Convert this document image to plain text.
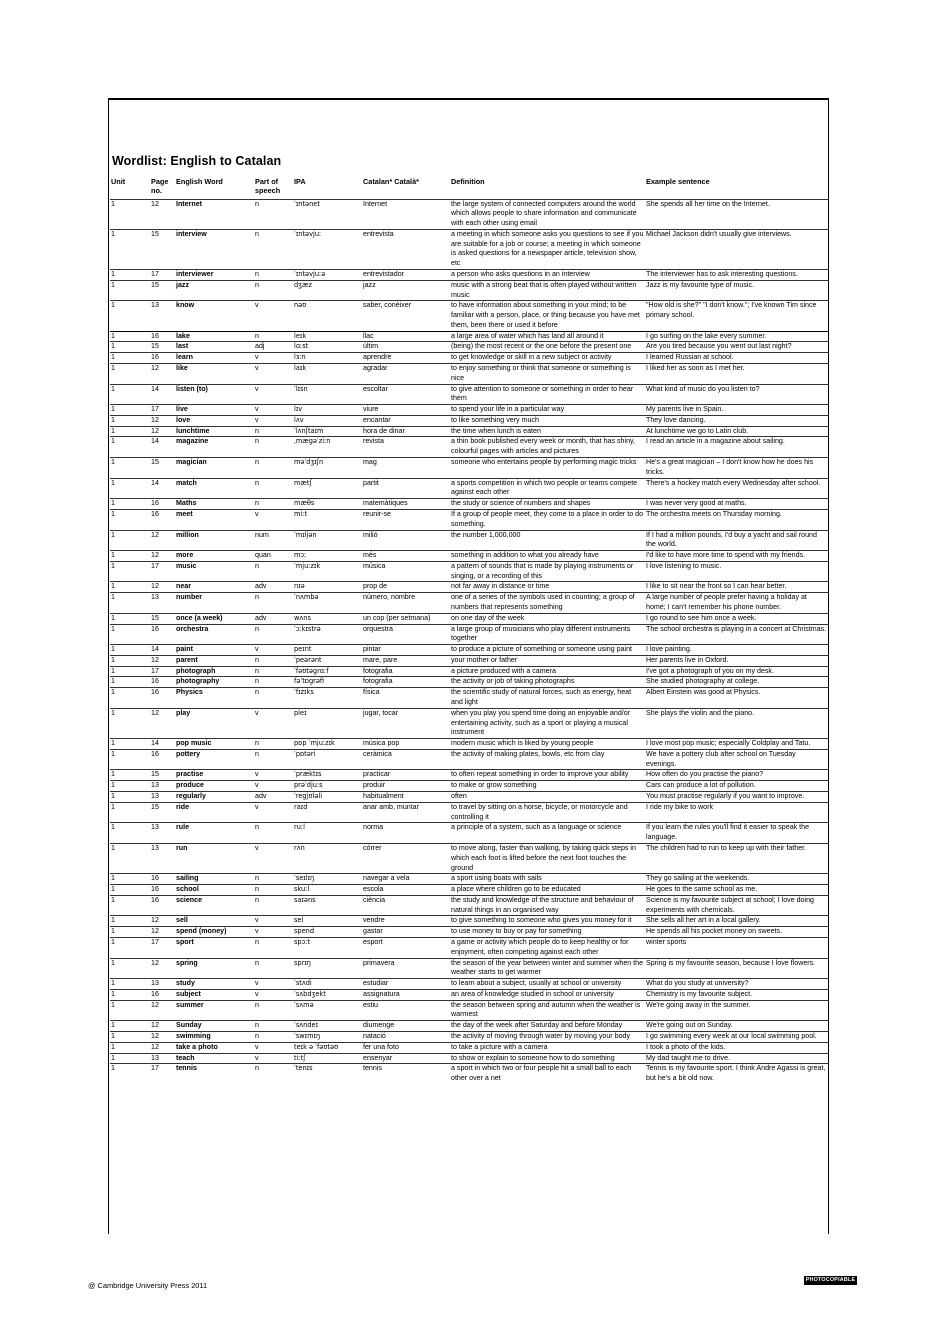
Wordlist: English to Catalan
Unit	Page no.	English Word	Part of speech	IPA	Catalan* Català*	Definition	Example sentence
1	12	Internet	n	ˈɪntənet	Internet	the large system of connected computers around the world which allows people to share information and communicate with each other using email	She spends all her time on the Internet.
1	15	interview	n	ˈɪntəvjuː	entrevista	a meeting in which someone asks you questions to see if you are suitable for a job or course; a meeting in which someone is asked questions for a newspaper article, television show, etc	Michael Jackson didn't usually give interviews.
1	17	interviewer	n	ˈɪntəvjuːə	entrevistador	a person who asks questions in an interview	The interviewer has to ask interesting questions.
1	15	jazz	n	dʒæz	jazz	music with a strong beat that is often played without written music	Jazz is my favourite type of music.
1	13	know	v	nəʊ	saber, conèixer	to have information about something in your mind; to be familiar with a person, place, or thing because you have met them, been there or used it before	"How old is she?" "I don't know."; I've known Tim since primary school.
1	16	lake	n	leɪk	llac	a large area of water which has land all around it	I go surfing on the lake every summer.
1	15	last	adj	lɑːst	últim	(being) the most recent or the one before the present one	Are you tired because you went out last night?
1	16	learn	v	lɜːn	aprendre	to get knowledge or skill in a new subject or activity	I learned Russian at school.
1	12	like	v	laɪk	agradar	to enjoy something or think that someone or something is nice	I liked her as soon as I met her.
1	14	listen (to)	v	ˈlɪsn	escoltar	to give attention to someone or something in order to hear them	What kind of music do you listen to?
1	17	live	v	lɪv	viure	to spend your life in a particular way	My parents live in Spain.
1	12	love	v	lʌv	encantar	to like something very much	They love dancing.
1	12	lunchtime	n	ˈlʌnʃtaɪm	hora de dinar	the time when lunch is eaten	At lunchtime we go to Latin club.
1	14	magazine	n	ˌmægəˈziːn	revista	a thin book published every week or month, that has shiny, colourful pages with articles and pictures	I read an article in a magazine about sailing.
1	15	magician	n	məˈdʒɪʃn	mag	someone who entertains people by performing magic tricks	He's a great magician – I don't know how he does his tricks.
1	14	match	n	mætʃ	partit	a sports competition in which two people or teams compete against each other	There's a hockey match every Wednesday after school.
1	16	Maths	n	mæθs	matemàtiques	the study or science of numbers and shapes	I was never very good at maths.
1	16	meet	v	miːt	reunir-se	If a group of people meet, they come to a place in order to do something.	The orchestra meets on Thursday morning.
1	12	million	num	ˈmɪljən	milió	the number 1,000,000	If I had a million pounds, I'd buy a yacht and sail round the world.
1	12	more	quan	mɔː	més	something in addition to what you already have	I'd like to have more time to spend with my friends.
1	17	music	n	ˈmjuːzɪk	música	a pattern of sounds that is made by playing instruments or singing, or a recording of this	I love listening to music.
1	12	near	adv	nɪə	prop de	not far away in distance or time	I like to sit near the front so I can hear better.
1	13	number	n	ˈnʌmbə	número, nombre	one of a series of the symbols used in counting; a group of numbers that represents something	A large number of people prefer having a holiday at home; I can't remember his phone number.
1	15	once (a week)	adv	wʌns	un cop (per setmana)	on one day of the week	I go round to see him once a week.
1	16	orchestra	n	ˈɔːkɪstrə	orquestra	a large group of musicians who play different instruments together	The school orchestra is playing in a concert at Christmas.
1	14	paint	v	peɪnt	pintar	to produce a picture of something or someone using paint	I love painting.
1	12	parent	n	ˈpeərənt	mare, pare	your mother or father	Her parents live in Oxford.
1	17	photograph	n	ˈfəʊtəgrɑːf	fotografia	a picture produced with a camera	I've got a photograph of you on my desk.
1	16	photography	n	fəˈtɒgrəfi	fotografia	the activity or job of taking photographs	She studied photography at college.
1	16	Physics	n	ˈfɪzɪks	física	the scientific study of natural forces, such as energy, heat and light	Albert Einstein was good at Physics.
1	12	play	v	pleɪ	jugar, tocar	when you play you spend time doing an enjoyable and/or entertaining activity, such as a sport or playing a musical instrument	She plays the violin and the piano.
1	14	pop music	n	pɒp ˈmjuːzɪk	música pop	modern music which is liked by young people	I love most pop music; especially Coldplay and Tatu.
1	16	pottery	n	ˈpɒtəri	ceràmica	the activity of making plates, bowls, etc from clay	We have a pottery club after school on Tuesday evenings.
1	15	practise	v	ˈpræktɪs	practicar	to often repeat something in order to improve your ability	How often do you practise the piano?
1	13	produce	v	prəˈdjuːs	produir	to make or grow something	Cars can produce a lot of pollution.
1	13	regularly	adv	ˈregjʊləli	habitualment	often	You must practise regularly if you want to improve.
1	15	ride	v	raɪd	anar amb, muntar	to travel by sitting on a horse, bicycle, or motorcycle and controlling it	I ride my bike to work
1	13	rule	n	ruːl	norma	a principle of a system, such as a language or science	If you learn the rules you'll find it easier to speak the language.
1	13	run	v	rʌn	córrer	to move along, faster than walking, by taking quick steps in which each foot is lifted before the next foot touches the ground	The children had to run to keep up with their father.
1	16	sailing	n	ˈseɪlɪŋ	navegar a vela	a sport using boats with sails	They go sailing at the weekends.
1	16	school	n	skuːl	escola	a place where children go to be educated	He goes to the same school as me.
1	16	science	n	saɪəns	ciència	the study and knowledge of the structure and behaviour of natural things in an organised way	Science is my favourite subject at school; I love doing experiments with chemicals.
1	12	sell	v	sel	vendre	to give something to someone who gives you money for it	She sells all her art in a local gallery.
1	12	spend (money)	v	spend	gastar	to use money to buy or pay for something	He spends all his pocket money on sweets.
1	17	sport	n	spɔːt	esport	a game or activity which people do to keep healthy or for enjoyment, often competing against each other	winter sports
1	12	spring	n	sprɪŋ	primavera	the season of the year between winter and summer when the weather starts to get warmer	Spring is my favourite season, because I love flowers.
1	13	study	v	ˈstʌdi	estudiar	to learn about a subject, usually at school or university	What do you study at university?
1	16	subject	v	ˈsʌbdʒekt	assignatura	an area of knowledge studied in school or university	Chemistry is my favourite subject.
1	12	summer	n	ˈsʌmə	estiu	the season between spring and autumn when the weather is warmest	We're going away in the summer.
1	12	Sunday	n	ˈsʌndeɪ	diumenge	the day of the week after Saturday and before Monday	We're going out on Sunday.
1	12	swimming	n	ˈswɪmɪŋ	natació	the activity of moving through water by moving your body	I go swimming every week at our local swimming pool.
1	12	take a photo	v	teɪk ə ˈfəʊtəʊ	fer una foto	to take a picture with a camera	I took a photo of the kids.
1	13	teach	v	tiːtʃ	ensenyar	to show or explain to someone how to do something	My dad taught me to drive.
1	17	tennis	n	ˈtenɪs	tennis	a sport in which two or four people hit a small ball to each other over a net	Tennis is my favourite sport. I think Andre Agassi is great, but he's a bit old now.
@ Cambridge University Press 2011
PHOTOCOPIABLE
